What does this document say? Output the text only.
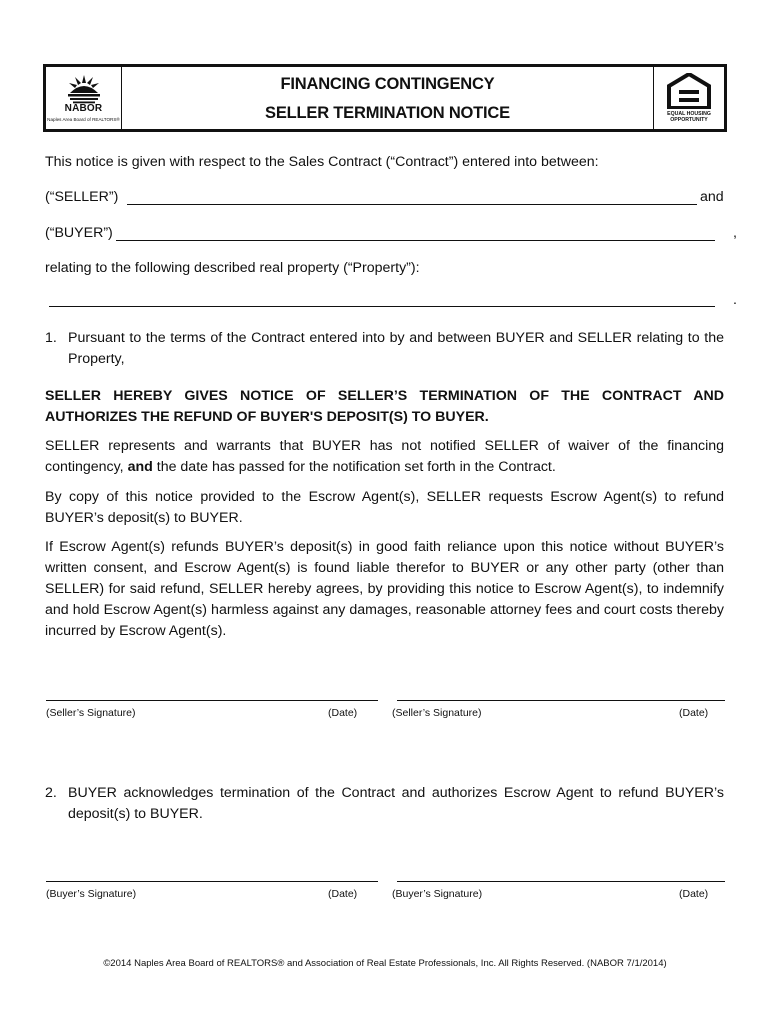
NABOR
Naples Area Board of REALTORS®
FINANCING CONTINGENCY
SELLER TERMINATION NOTICE	EQUAL HOUSING
OPPORTUNITY
This notice is given with respect to the Sales Contract (“Contract”) entered into between:
(“SELLER”)	and
(“BUYER”)	,
relating to the following described real property (“Property”):
.
1. Pursuant to the terms of the Contract entered into by and between BUYER and SELLER relating to the Property,
SELLER HEREBY GIVES NOTICE OF SELLER’S TERMINATION OF THE CONTRACT AND AUTHORIZES THE REFUND OF BUYER'S DEPOSIT(S) TO BUYER.
SELLER represents and warrants that BUYER has not notified SELLER of waiver of the financing contingency, and the date has passed for the notification set forth in the Contract.
By copy of this notice provided to the Escrow Agent(s), SELLER requests Escrow Agent(s) to refund BUYER’s deposit(s) to BUYER.
If Escrow Agent(s) refunds BUYER’s deposit(s) in good faith reliance upon this notice without BUYER’s written consent, and Escrow Agent(s) is found liable therefor to BUYER or any other party (other than SELLER) for said refund, SELLER hereby agrees, by providing this notice to Escrow Agent(s), to indemnify and hold Escrow Agent(s) harmless against any damages, reasonable attorney fees and court costs thereby incurred by Escrow Agent(s).
(Seller’s Signature)	(Date)	(Seller’s Signature)	(Date)
2. BUYER acknowledges termination of the Contract and authorizes Escrow Agent to refund BUYER’s deposit(s) to BUYER.
(Buyer’s Signature)	(Date)	(Buyer’s Signature)	(Date)
©2014 Naples Area Board of REALTORS® and Association of Real Estate Professionals, Inc. All Rights Reserved. (NABOR 7/1/2014)
